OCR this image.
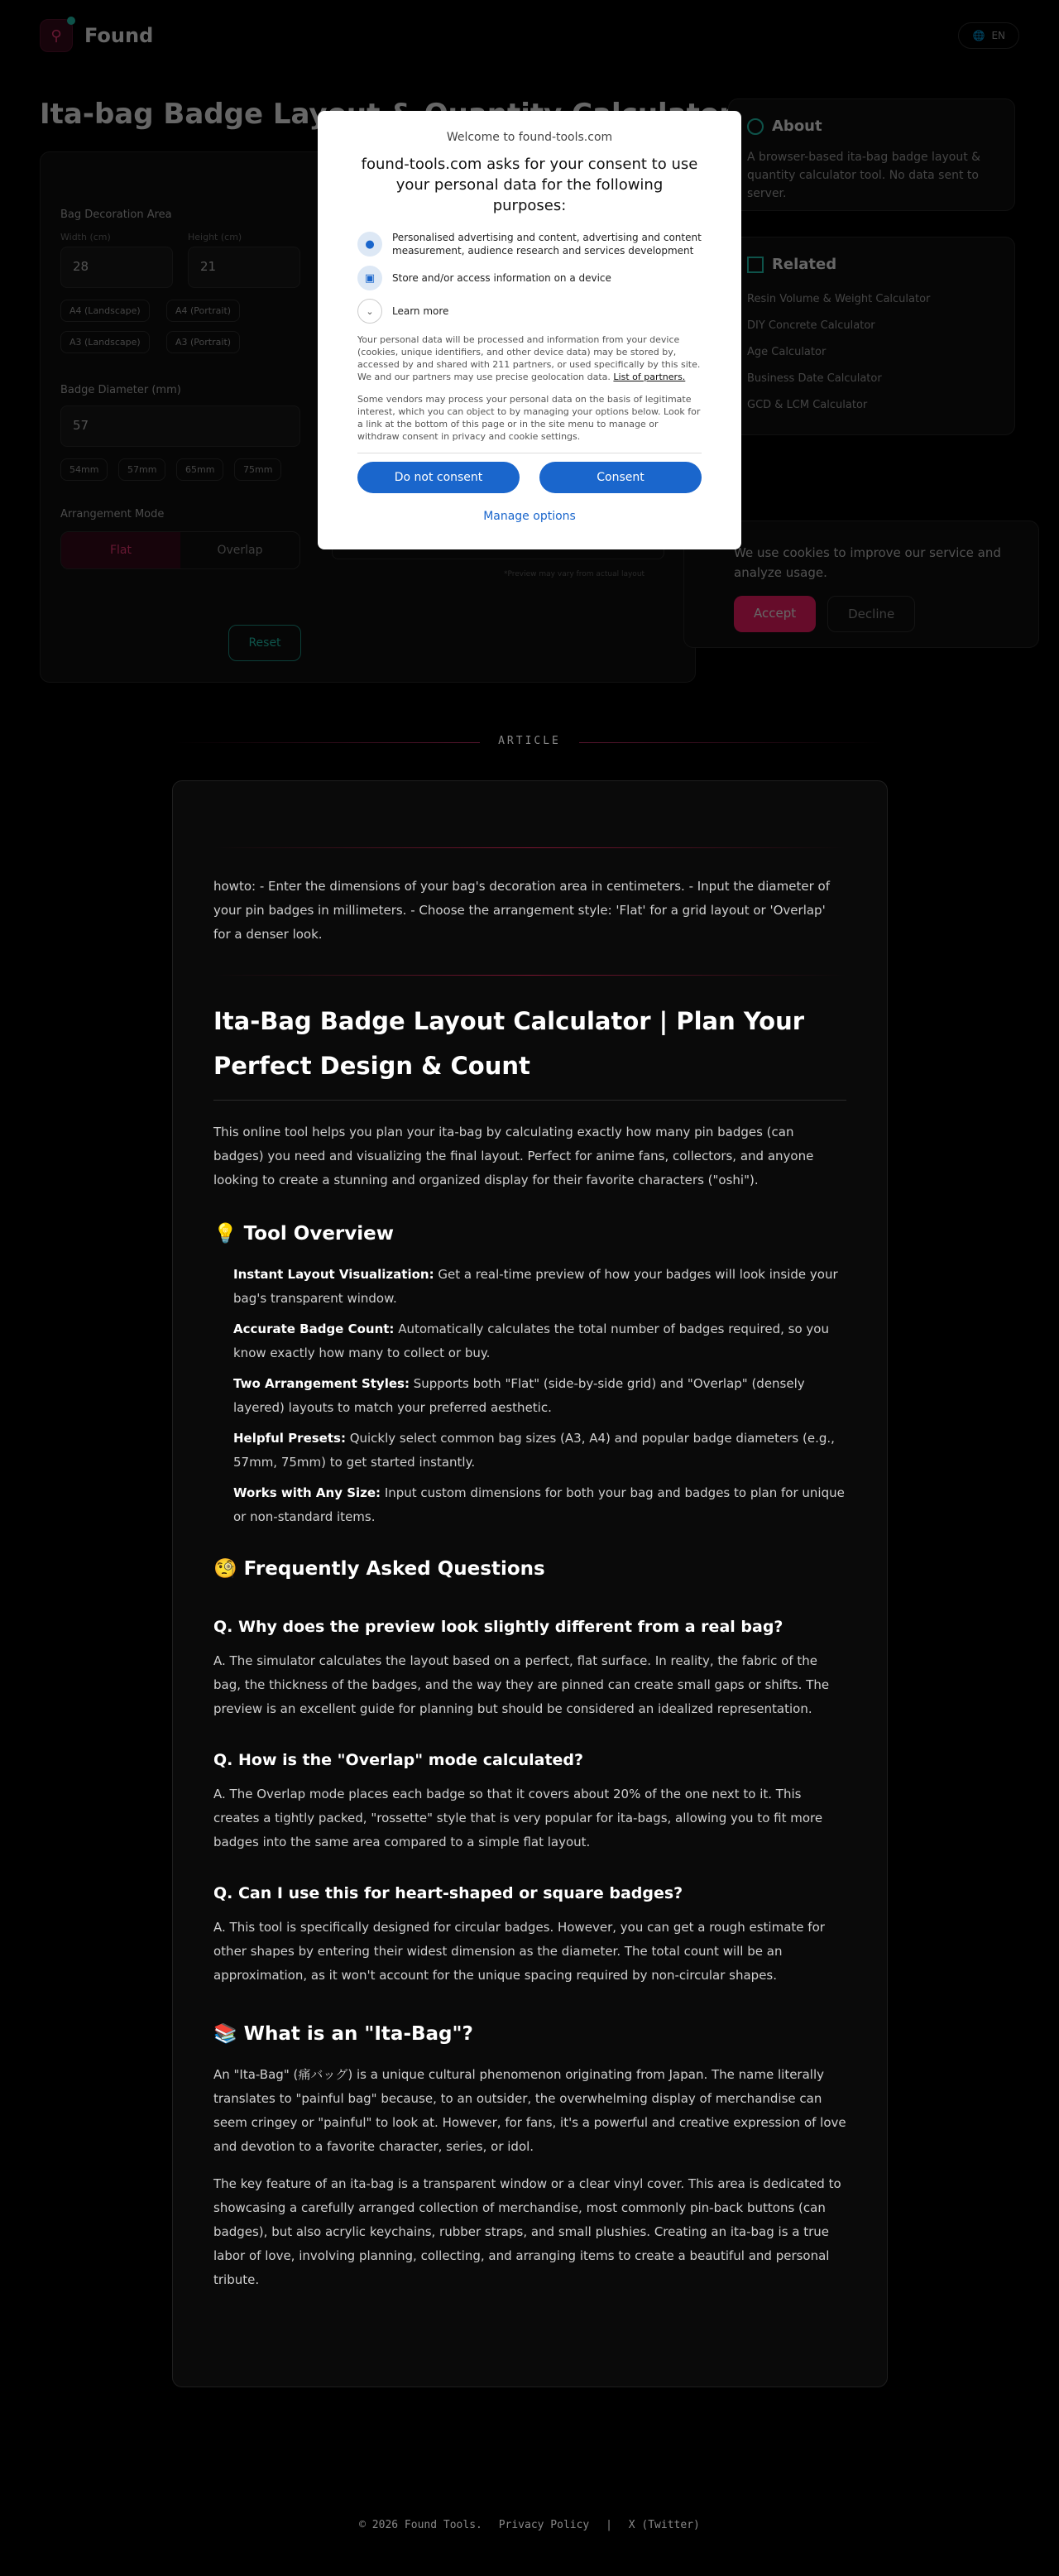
ARTICLE
howto: - Enter the dimensions of your bag's decoration area in centimeters. - Input the diameter of your pin badges in millimeters. - Choose the arrangement style: 'Flat' for a grid layout or 'Overlap' for a denser look.
Ita-Bag Badge Layout Calculator | Plan Your Perfect Design & Count
This online tool helps you plan your ita-bag by calculating exactly how many pin badges (can badges) you need and visualizing the final layout. Perfect for anime fans, collectors, and anyone looking to create a stunning and organized display for their favorite characters ("oshi").
💡 Tool Overview
Instant Layout Visualization: Get a real-time preview of how your badges will look inside your bag's transparent window.
Accurate Badge Count: Automatically calculates the total number of badges required, so you know exactly how many to collect or buy.
Two Arrangement Styles: Supports both "Flat" (side-by-side grid) and "Overlap" (densely layered) layouts to match your preferred aesthetic.
Helpful Presets: Quickly select common bag sizes (A3, A4) and popular badge diameters (e.g., 57mm, 75mm) to get started instantly.
Works with Any Size: Input custom dimensions for both your bag and badges to plan for unique or non-standard items.
🧐 Frequently Asked Questions
Q. Why does the preview look slightly different from a real bag?
A. The simulator calculates the layout based on a perfect, flat surface. In reality, the fabric of the bag, the thickness of the badges, and the way they are pinned can create small gaps or shifts. The preview is an excellent guide for planning but should be considered an idealized representation.
Q. How is the "Overlap" mode calculated?
A. The Overlap mode places each badge so that it covers about 20% of the one next to it. This creates a tightly packed, "rossette" style that is very popular for ita-bags, allowing you to fit more badges into the same area compared to a simple flat layout.
Q. Can I use this for heart-shaped or square badges?
A. This tool is specifically designed for circular badges. However, you can get a rough estimate for other shapes by entering their widest dimension as the diameter. The total count will be an approximation, as it won't account for the unique spacing required by non-circular shapes.
📚 What is an "Ita-Bag"?
An "Ita-Bag" (痛バッグ) is a unique cultural phenomenon originating from Japan. The name literally translates to "painful bag" because, to an outsider, the overwhelming display of merchandise can seem cringey or "painful" to look at. However, for fans, it's a powerful and creative expression of love and devotion to a favorite character, series, or idol.
The key feature of an ita-bag is a transparent window or a clear vinyl cover. This area is dedicated to showcasing a carefully arranged collection of merchandise, most commonly pin-back buttons (can badges), but also acrylic keychains, rubber straps, and small plushies. Creating an ita-bag is a true labor of love, involving planning, collecting, and arranging items to create a beautiful and personal tribute.
© 2026 Found Tools. Privacy Policy | X (Twitter)
Welcome to found-tools.com
found-tools.com asks for your consent to use your personal data for the following purposes:
●
Personalised advertising and content, advertising and content measurement, audience research and services development
▣	Store and/or access information on a device
⌄	Learn more
Your personal data will be processed and information from your device (cookies, unique identifiers, and other device data) may be stored by, accessed by and shared with 211 partners, or used specifically by this site. We and our partners may use precise geolocation data. List of partners.
Some vendors may process your personal data on the basis of legitimate interest, which you can object to by managing your options below. Look for a link at the bottom of this page or in the site menu to manage or withdraw consent in privacy and cookie settings.
Do not consent	Consent
Manage options
